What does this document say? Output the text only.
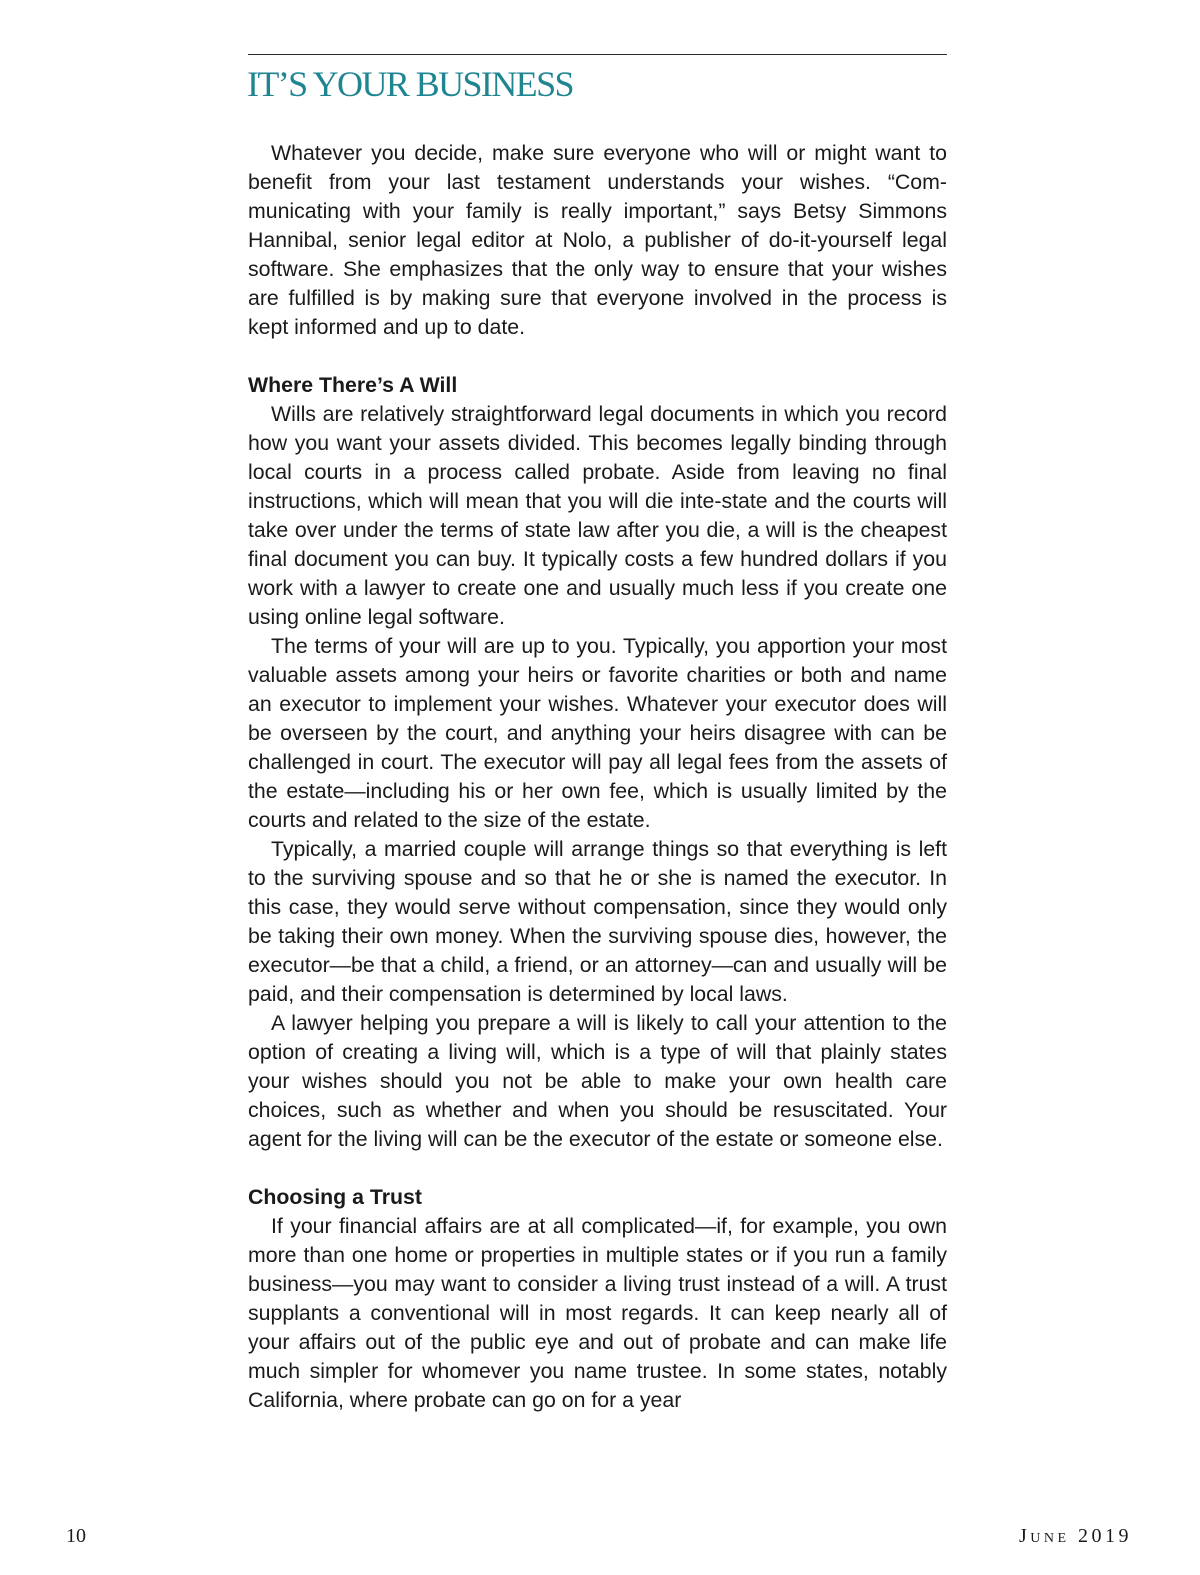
IT’S YOUR BUSINESS

Whatever you decide, make sure everyone who will or might want to benefit from your last testament understands your wishes. “Com-municating with your family is really important,” says Betsy Simmons Hannibal, senior legal editor at Nolo, a publisher of do-it-yourself legal software. She emphasizes that the only way to ensure that your wishes are fulfilled is by making sure that everyone involved in the process is kept informed and up to date.

Where There’s A Will

Wills are relatively straightforward legal documents in which you record how you want your assets divided. This becomes legally binding through local courts in a process called probate. Aside from leaving no final instructions, which will mean that you will die inte-state and the courts will take over under the terms of state law after you die, a will is the cheapest final document you can buy. It typically costs a few hundred dollars if you work with a lawyer to create one and usually much less if you create one using online legal software.

The terms of your will are up to you. Typically, you apportion your most valuable assets among your heirs or favorite charities or both and name an executor to implement your wishes. Whatever your executor does will be overseen by the court, and anything your heirs disagree with can be challenged in court. The executor will pay all legal fees from the assets of the estate—including his or her own fee, which is usually limited by the courts and related to the size of the estate.

Typically, a married couple will arrange things so that everything is left to the surviving spouse and so that he or she is named the executor. In this case, they would serve without compensation, since they would only be taking their own money. When the surviving spouse dies, however, the executor—be that a child, a friend, or an attorney—can and usually will be paid, and their compensation is determined by local laws.

A lawyer helping you prepare a will is likely to call your attention to the option of creating a living will, which is a type of will that plainly states your wishes should you not be able to make your own health care choices, such as whether and when you should be resuscitated. Your agent for the living will can be the executor of the estate or someone else.

Choosing a Trust

If your financial affairs are at all complicated—if, for example, you own more than one home or properties in multiple states or if you run a family business—you may want to consider a living trust instead of a will. A trust supplants a conventional will in most regards. It can keep nearly all of your affairs out of the public eye and out of probate and can make life much simpler for whomever you name trustee. In some states, notably California, where probate can go on for a year

10	June 2019
